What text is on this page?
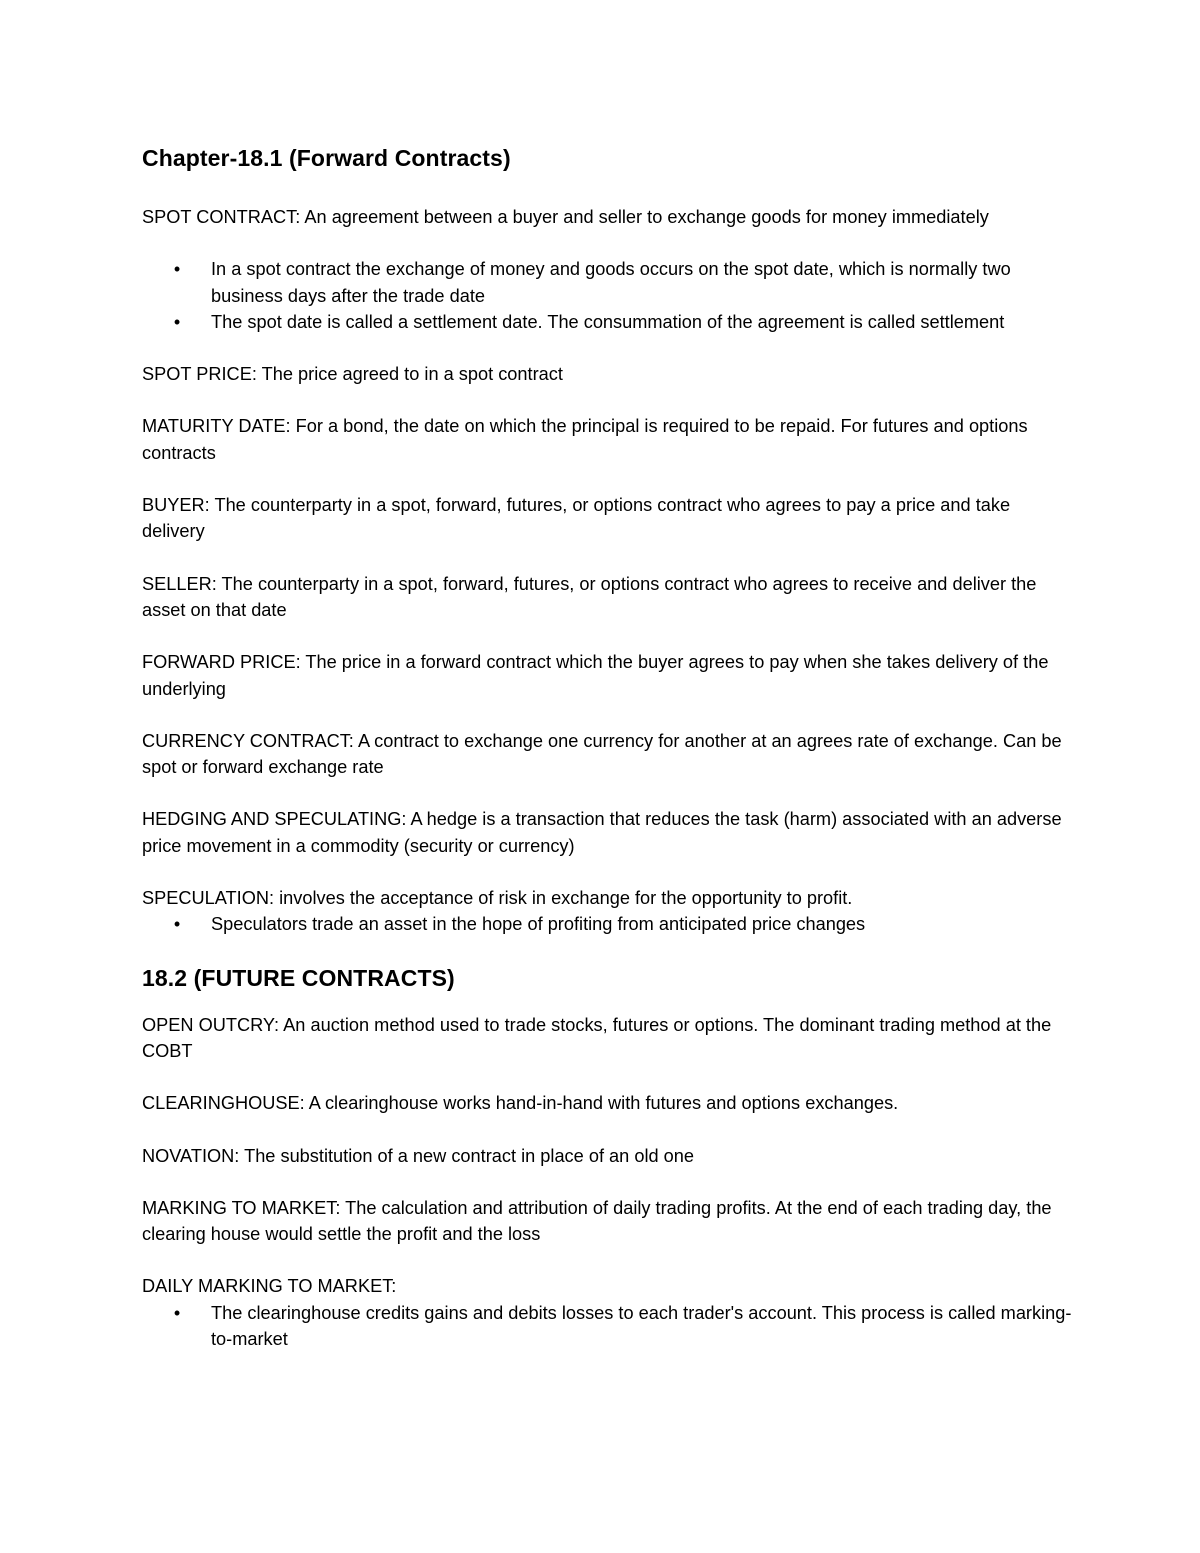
Chapter-18.1 (Forward Contracts)

SPOT CONTRACT: An agreement between a buyer and seller to exchange goods for money immediately

• In a spot contract the exchange of money and goods occurs on the spot date, which is normally two business days after the trade date
• The spot date is called a settlement date. The consummation of the agreement is called settlement

SPOT PRICE: The price agreed to in a spot contract

MATURITY DATE: For a bond, the date on which the principal is required to be repaid. For futures and options contracts

BUYER: The counterparty in a spot, forward, futures, or options contract who agrees to pay a price and take delivery

SELLER: The counterparty in a spot, forward, futures, or options contract who agrees to receive and deliver the asset on that date

FORWARD PRICE: The price in a forward contract which the buyer agrees to pay when she takes delivery of the underlying

CURRENCY CONTRACT: A contract to exchange one currency for another at an agrees rate of exchange. Can be spot or forward exchange rate

HEDGING AND SPECULATING: A hedge is a transaction that reduces the task (harm) associated with an adverse price movement in a commodity (security or currency)

SPECULATION: involves the acceptance of risk in exchange for the opportunity to profit.

• Speculators trade an asset in the hope of profiting from anticipated price changes
18.2 (FUTURE CONTRACTS)

OPEN OUTCRY: An auction method used to trade stocks, futures or options. The dominant trading method at the COBT

CLEARINGHOUSE: A clearinghouse works hand-in-hand with futures and options exchanges.

NOVATION: The substitution of a new contract in place of an old one

MARKING TO MARKET: The calculation and attribution of daily trading profits. At the end of each trading day, the clearing house would settle the profit and the loss

DAILY MARKING TO MARKET:

• The clearinghouse credits gains and debits losses to each trader's account. This process is called marking-to-market
